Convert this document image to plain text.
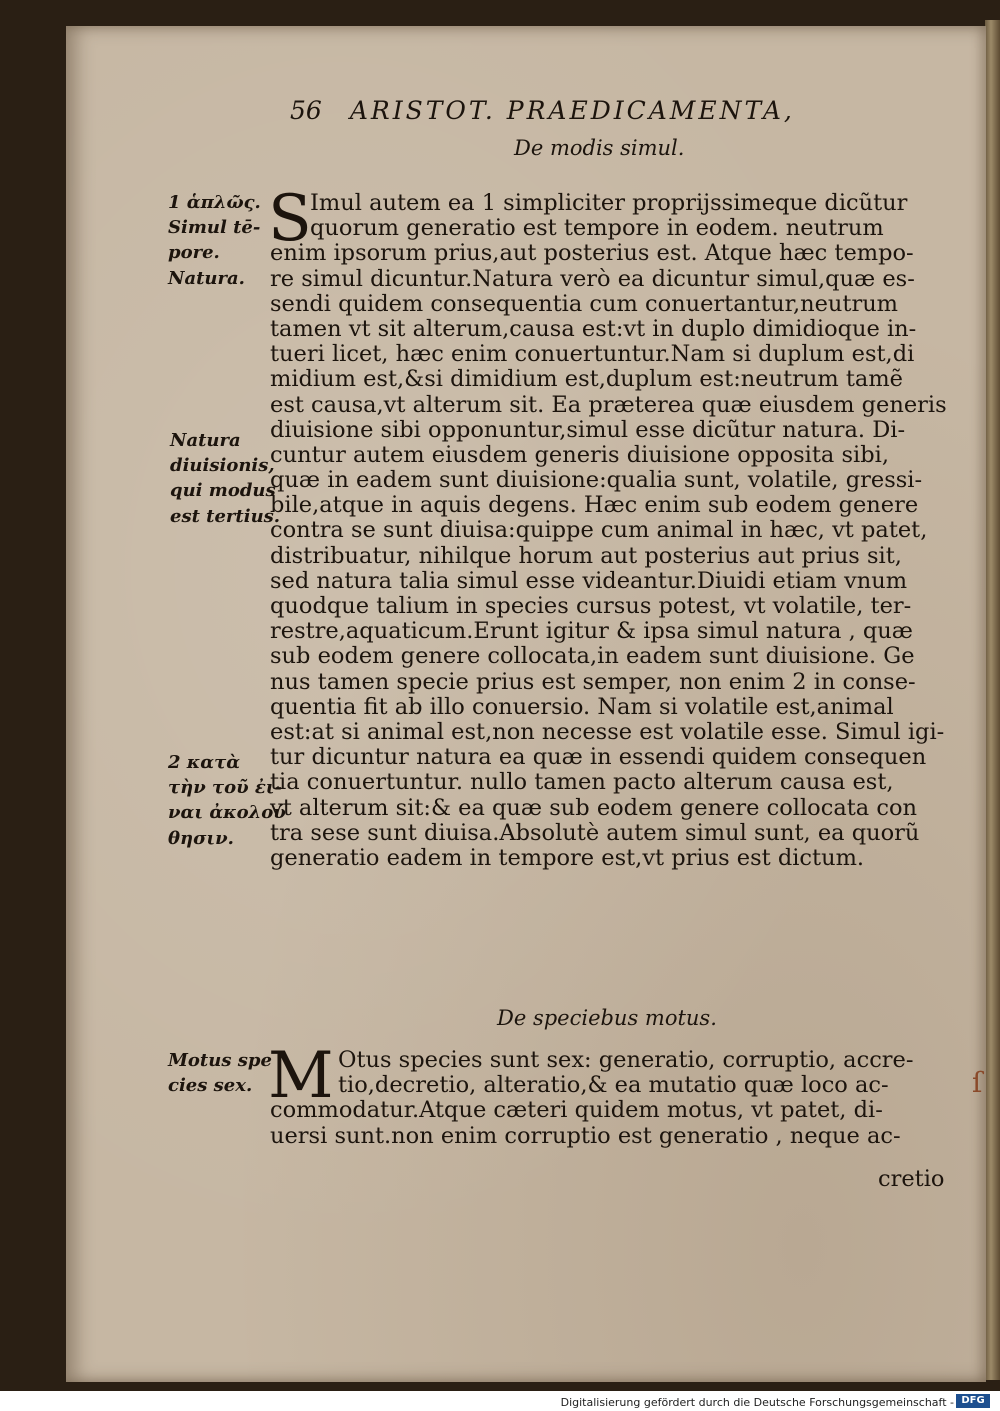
56 ARISTOT. PRAEDICAMENTA,
De modis simul.
1 ἁπλῶς.
Simul tē-
pore.
Natura.
Natura
diuisionis,
qui modus
est tertius.
2 κατὰ
τὴν τοῦ ἐι-
ναι ἀκολού
θησιν.
Motus spe
cies sex.
S
Imul autem ea 1 simpliciter proprijssimeque dicũtur
quorum generatio est tempore in eodem. neutrum
enim ipsorum prius,aut posterius est. Atque hæc tempo-
re simul dicuntur.Natura verò ea dicuntur simul,quæ es-
sendi quidem consequentia cum conuertantur,neutrum
tamen vt sit alterum,causa est:vt in duplo dimidioque in-
tueri licet, hæc enim conuertuntur.Nam si duplum est,di
midium est,&si dimidium est,duplum est:neutrum tamẽ
est causa,vt alterum sit. Ea præterea quæ eiusdem generis
diuisione sibi opponuntur,simul esse dicũtur natura. Di-
cuntur autem eiusdem generis diuisione opposita sibi,
quæ in eadem sunt diuisione:qualia sunt, volatile, gressi-
bile,atque in aquis degens. Hæc enim sub eodem genere
contra se sunt diuisa:quippe cum animal in hæc, vt patet,
distribuatur, nihilque horum aut posterius aut prius sit,
sed natura talia simul esse videantur.Diuidi etiam vnum
quodque talium in species cursus potest, vt volatile, ter-
restre,aquaticum.Erunt igitur & ipsa simul natura , quæ
sub eodem genere collocata,in eadem sunt diuisione. Ge
nus tamen specie prius est semper, non enim 2 in conse-
quentia fit ab illo conuersio. Nam si volatile est,animal
est:at si animal est,non necesse est volatile esse. Simul igi-
tur dicuntur natura ea quæ in essendi quidem consequen
tia conuertuntur. nullo tamen pacto alterum causa est,
vt alterum sit:& ea quæ sub eodem genere collocata con
tra sese sunt diuisa.Absolutè autem simul sunt, ea quorũ
generatio eadem in tempore est,vt prius est dictum.
De speciebus motus.
M Otus species sunt sex: generatio, corruptio, accre-
tio,decretio, alteratio,& ea mutatio quæ loco ac-
commodatur.Atque cæteri quidem motus, vt patet, di-
uersi sunt.non enim corruptio est generatio , neque ac-
cretio
ſ
Digitalisierung gefördert durch die Deutsche Forschungsgemeinschaft - DFG
